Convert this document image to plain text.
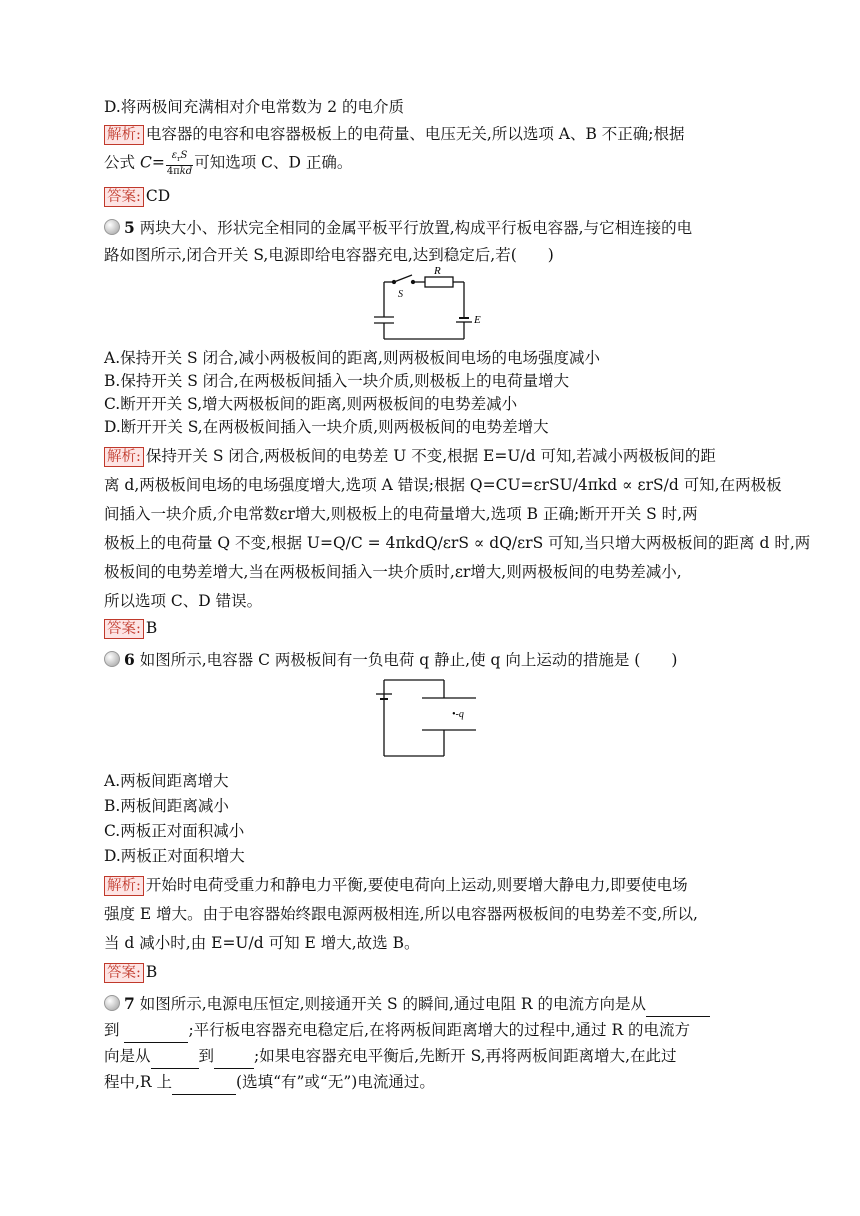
D.将两极间充满相对介电常数为 2 的电介质
解析: 电容器的电容和电容器极板上的电荷量、电压无关,所以选项 A、B 不正确;根据
公式 $C= \frac{\varepsilon_rS}{\text{4πkd}}$ 可知选项 C、D 正确。
答案: CD
5 两块大小、形状完全相同的金属平板平行放置,构成平行板电容器,与它相连接的电
路如图所示,闭合开关 S,电源即给电容器充电,达到稳定后,若(　　)
S
R
E
A.保持开关 S 闭合,减小两极板间的距离,则两极板间电场的电场强度减小
B.保持开关 S 闭合,在两极板间插入一块介质,则极板上的电荷量增大
C.断开开关 S,增大两极板间的距离,则两极板间的电势差减小
D.断开开关 S,在两极板间插入一块介质,则两极板间的电势差增大
解析: 保持开关 S 闭合,两极板间的电势差 U 不变,根据 E=U/d 可知,若减小两极板间的距
离 d,两极板间电场的电场强度增大,选项 A 错误;根据 Q=CU=εrSU/4πkd ∝ εrS/d 可知,在两极板
间插入一块介质,介电常数εr增大,则极板上的电荷量增大,选项 B 正确;断开开关 S 时,两
极板上的电荷量 Q 不变,根据 U=Q/C = 4πkdQ/εrS ∝ dQ/εrS 可知,当只增大两极板间的距离 d 时,两
极板间的电势差增大,当在两极板间插入一块介质时,εr增大,则两极板间的电势差减小,
所以选项 C、D 错误。
答案: B
6 如图所示,电容器 C 两极板间有一负电荷 q 静止,使 q 向上运动的措施是 (　　)
•-q
A.两板间距离增大
B.两板间距离减小
C.两板正对面积减小
D.两板正对面积增大
解析: 开始时电荷受重力和静电力平衡,要使电荷向上运动,则要增大静电力,即要使电场
强度 E 增大。由于电容器始终跟电源两极相连,所以电容器两极板间的电势差不变,所以,
当 d 减小时,由 E=U/d 可知 E 增大,故选 B。
答案: B
7 如图所示,电源电压恒定,则接通开关 S 的瞬间,通过电阻 R 的电流方向是从
到	;平行板电容器充电稳定后,在将两板间距离增大的过程中,通过 R 的电流方
向是从	到	;如果电容器充电平衡后,先断开 S,再将两板间距离增大,在此过
程中,R 上	(选填“有”或“无”)电流通过。
